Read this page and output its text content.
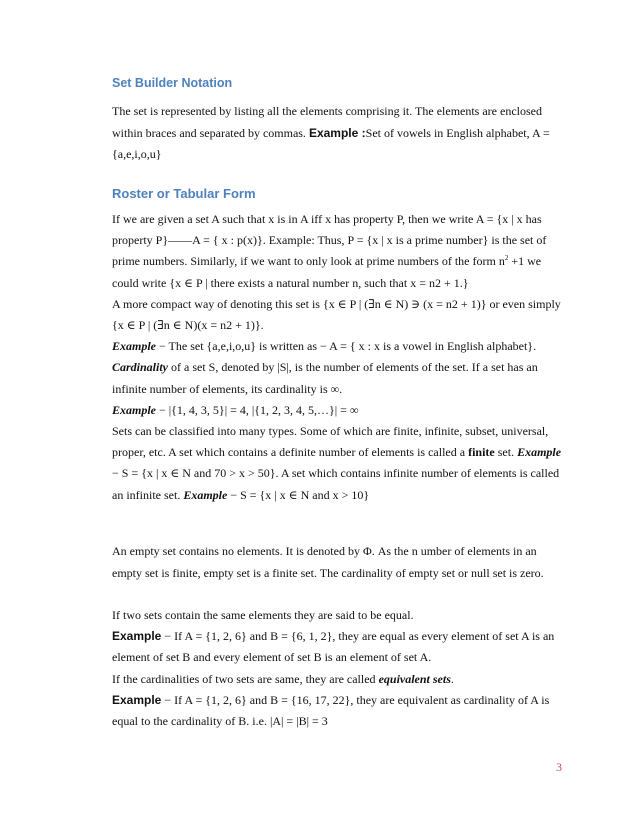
Set Builder Notation

The set is represented by listing all the elements comprising it. The elements are enclosed within braces and separated by commas. Example :Set of vowels in English alphabet, A = {a,e,i,o,u}

Roster or Tabular Form

If we are given a set A such that x is in A iff x has property P, then we write A = {x | x has property P}——A = { x : p(x)}. Example: Thus, P = {x | x is a prime number} is the set of prime numbers. Similarly, if we want to only look at prime numbers of the form $n^2 +1$ we could write {x ∈ P | there exists a natural number n, such that x = n2 + 1.}
A more compact way of denoting this set is {x ∈ P | (∃n ∈ N) ∋ (x = n2 + 1)} or even simply {x ∈ P | (∃n ∈ N)(x = n2 + 1)}.
Example − The set {a,e,i,o,u} is written as − A = { x : x is a vowel in English alphabet}.
Cardinality of a set S, denoted by |S|, is the number of elements of the set. If a set has an infinite number of elements, its cardinality is ∞.
Example − |{1, 4, 3, 5}| = 4, |{1, 2, 3, 4, 5,…}| = ∞
Sets can be classified into many types. Some of which are finite, infinite, subset, universal, proper, etc. A set which contains a definite number of elements is called a finite set. Example − S = {x | x ∈ N and 70 > x > 50}. A set which contains infinite number of elements is called an infinite set. Example − S = {x | x ∈ N and x > 10}

An empty set contains no elements. It is denoted by Φ. As the n umber of elements in an empty set is finite, empty set is a finite set. The cardinality of empty set or null set is zero.

If two sets contain the same elements they are said to be equal.
Example − If A = {1, 2, 6} and B = {6, 1, 2}, they are equal as every element of set A is an element of set B and every element of set B is an element of set A.
If the cardinalities of two sets are same, they are called equivalent sets.
Example − If A = {1, 2, 6} and B = {16, 17, 22}, they are equivalent as cardinality of A is equal to the cardinality of B. i.e. |A| = |B| = 3

3
